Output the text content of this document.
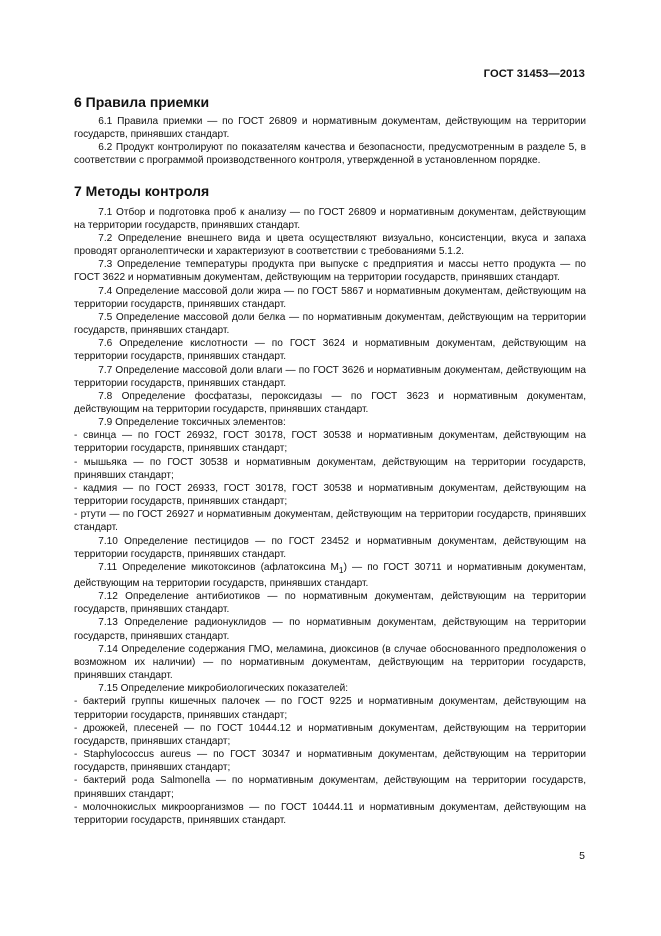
ГОСТ 31453—2013
6 Правила приемки

6.1 Правила приемки — по ГОСТ 26809 и нормативным документам, действующим на территории государств, принявших стандарт.

6.2 Продукт контролируют по показателям качества и безопасности, предусмотренным в разделе 5, в соответствии с программой производственного контроля, утвержденной в установленном порядке.

7 Методы контроля

7.1 Отбор и подготовка проб к анализу — по ГОСТ 26809 и нормативным документам, действующим на территории государств, принявших стандарт.

7.2 Определение внешнего вида и цвета осуществляют визуально, консистенции, вкуса и запаха проводят органолептически и характеризуют в соответствии с требованиями 5.1.2.

7.3 Определение температуры продукта при выпуске с предприятия и массы нетто продукта — по ГОСТ 3622 и нормативным документам, действующим на территории государств, принявших стандарт.

7.4 Определение массовой доли жира — по ГОСТ 5867 и нормативным документам, действующим на территории государств, принявших стандарт.

7.5 Определение массовой доли белка — по нормативным документам, действующим на территории государств, принявших стандарт.

7.6 Определение кислотности — по ГОСТ 3624 и нормативным документам, действующим на территории государств, принявших стандарт.

7.7 Определение массовой доли влаги — по ГОСТ 3626 и нормативным документам, действующим на территории государств, принявших стандарт.

7.8 Определение фосфатазы, пероксидазы — по ГОСТ 3623 и нормативным документам, действующим на территории государств, принявших стандарт.

7.9 Определение токсичных элементов:

- свинца — по ГОСТ 26932, ГОСТ 30178, ГОСТ 30538 и нормативным документам, действующим на территории государств, принявших стандарт;

- мышьяка — по ГОСТ 30538 и нормативным документам, действующим на территории государств, принявших стандарт;

- кадмия — по ГОСТ 26933, ГОСТ 30178, ГОСТ 30538 и нормативным документам, действующим на территории государств, принявших стандарт;

- ртути — по ГОСТ 26927 и нормативным документам, действующим на территории государств, принявших стандарт.

7.10 Определение пестицидов — по ГОСТ 23452 и нормативным документам, действующим на территории государств, принявших стандарт.

7.11 Определение микотоксинов (афлатоксина $M_1$) — по ГОСТ 30711 и нормативным документам, действующим на территории государств, принявших стандарт.

7.12 Определение антибиотиков — по нормативным документам, действующим на территории государств, принявших стандарт.

7.13 Определение радионуклидов — по нормативным документам, действующим на территории государств, принявших стандарт.

7.14 Определение содержания ГМО, меламина, диоксинов (в случае обоснованного предположения о возможном их наличии) — по нормативным документам, действующим на территории государств, принявших стандарт.

7.15 Определение микробиологических показателей:

- бактерий группы кишечных палочек — по ГОСТ 9225 и нормативным документам, действующим на территории государств, принявших стандарт;

- дрожжей, плесеней — по ГОСТ 10444.12 и нормативным документам, действующим на территории государств, принявших стандарт;

- Staphylococcus aureus — по ГОСТ 30347 и нормативным документам, действующим на территории государств, принявших стандарт;

- бактерий рода Salmonella — по нормативным документам, действующим на территории государств, принявших стандарт;

- молочнокислых микроорганизмов — по ГОСТ 10444.11 и нормативным документам, действующим на территории государств, принявших стандарт.

5
